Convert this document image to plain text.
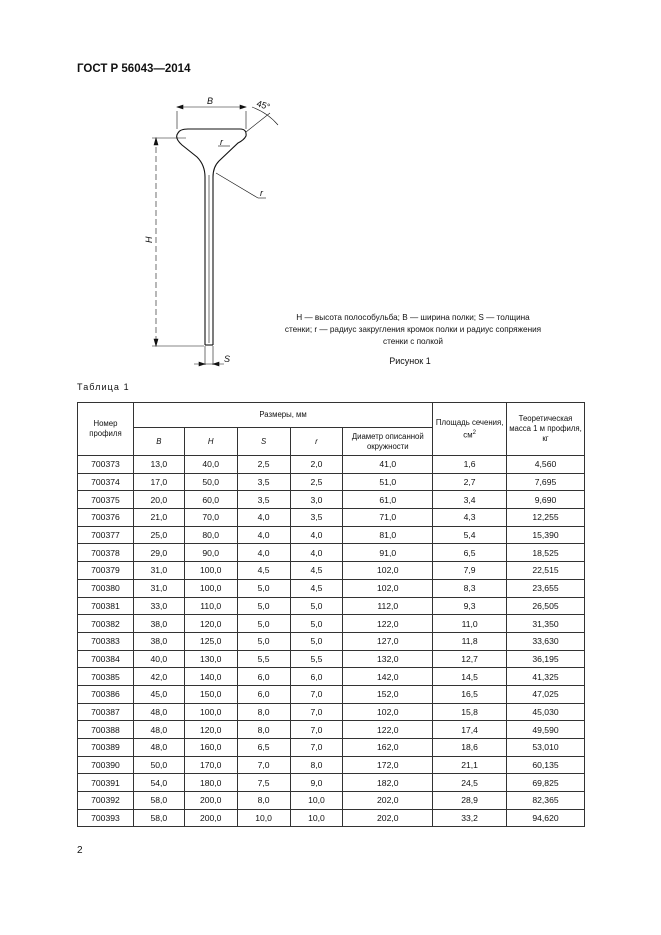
ГОСТ Р 56043—2014
B	45°
r
r
H
S
Н — высота полособульба; В — ширина полки; S — толщина стенки; r — радиус закругления кромок полки и радиус сопряжения стенки с полкой
Рисунок 1
Таблица 1
Номер профиля	Размеры, мм					Площадь сечения, $см^2$	Теоретическая масса 1 м профиля, кг
	B	H	S	r	Диаметр описанной окружности		
700373	13,0	40,0	2,5	2,0	41,0	1,6	4,560
700374	17,0	50,0	3,5	2,5	51,0	2,7	7,695
700375	20,0	60,0	3,5	3,0	61,0	3,4	9,690
700376	21,0	70,0	4,0	3,5	71,0	4,3	12,255
700377	25,0	80,0	4,0	4,0	81,0	5,4	15,390
700378	29,0	90,0	4,0	4,0	91,0	6,5	18,525
700379	31,0	100,0	4,5	4,5	102,0	7,9	22,515
700380	31,0	100,0	5,0	4,5	102,0	8,3	23,655
700381	33,0	110,0	5,0	5,0	112,0	9,3	26,505
700382	38,0	120,0	5,0	5,0	122,0	11,0	31,350
700383	38,0	125,0	5,0	5,0	127,0	11,8	33,630
700384	40,0	130,0	5,5	5,5	132,0	12,7	36,195
700385	42,0	140,0	6,0	6,0	142,0	14,5	41,325
700386	45,0	150,0	6,0	7,0	152,0	16,5	47,025
700387	48,0	100,0	8,0	7,0	102,0	15,8	45,030
700388	48,0	120,0	8,0	7,0	122,0	17,4	49,590
700389	48,0	160,0	6,5	7,0	162,0	18,6	53,010
700390	50,0	170,0	7,0	8,0	172,0	21,1	60,135
700391	54,0	180,0	7,5	9,0	182,0	24,5	69,825
700392	58,0	200,0	8,0	10,0	202,0	28,9	82,365
700393	58,0	200,0	10,0	10,0	202,0	33,2	94,620
2
